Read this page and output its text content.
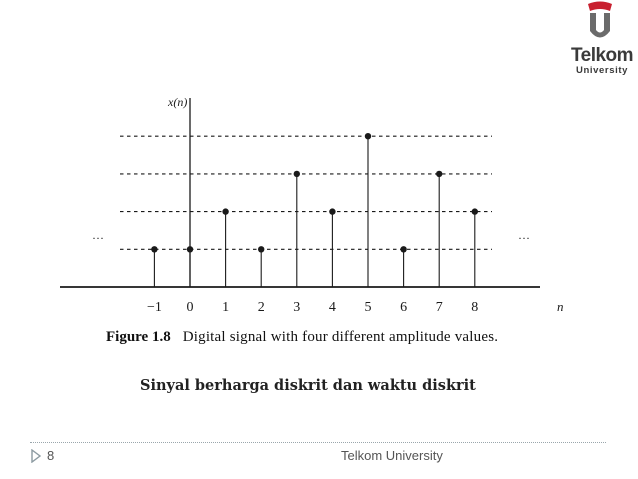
Telkom
University
−1 0 1 2 3 4 5 6 7 8
x(n)
n
···	···
Figure 1.8 Digital signal with four different amplitude values.
Sinyal berharga diskrit dan waktu diskrit
8	Telkom University
